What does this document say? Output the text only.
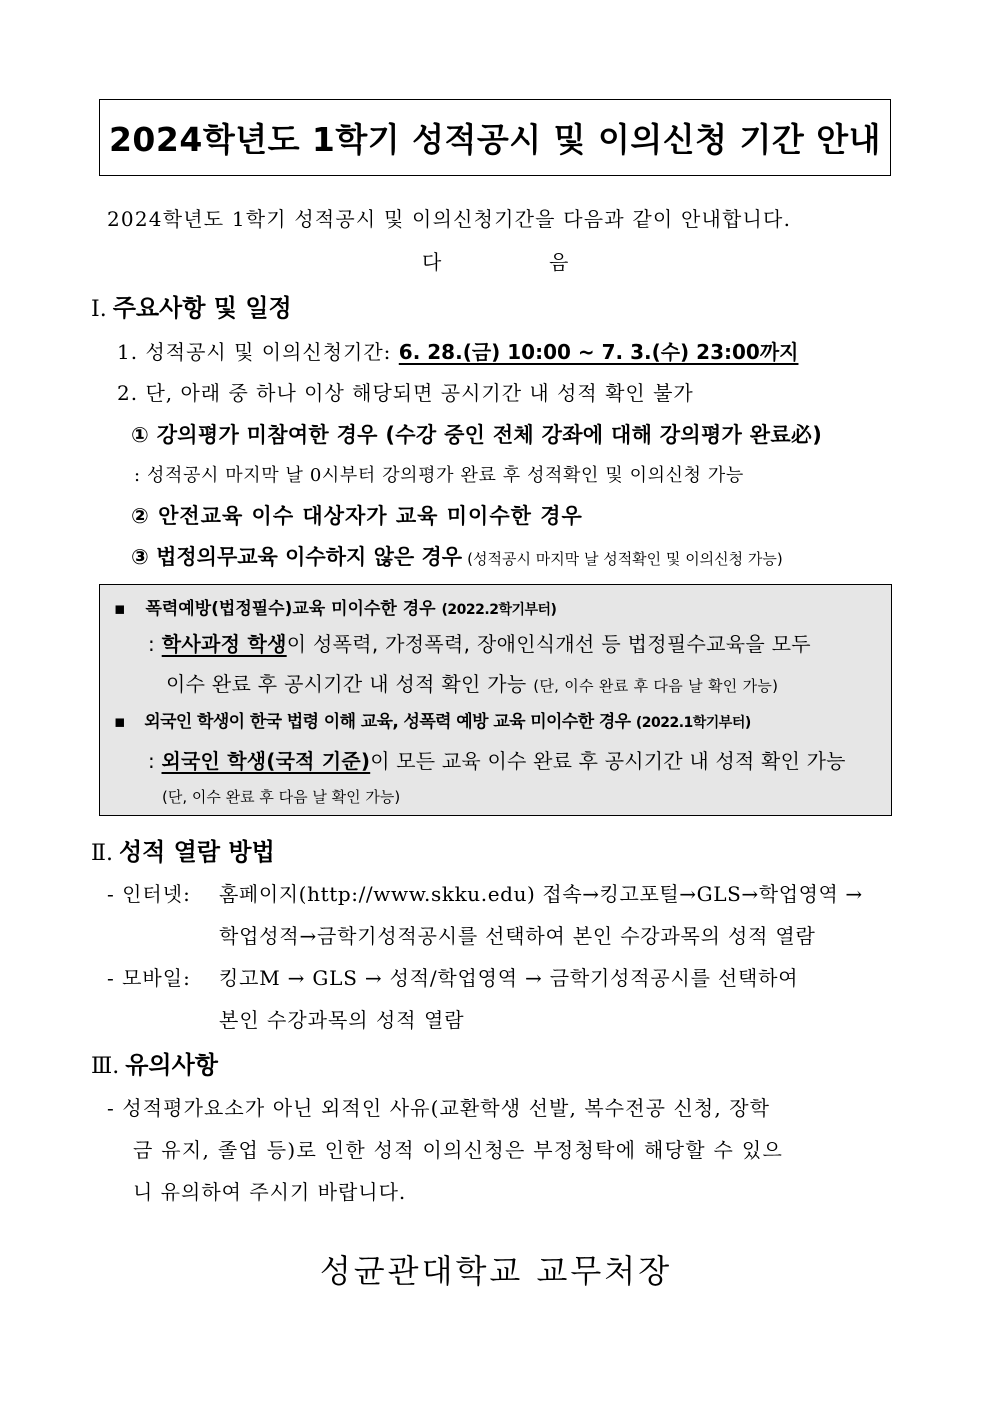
2024학년도 1학기 성적공시 및 이의신청 기간 안내
2024학년도 1학기 성적공시 및 이의신청기간을 다음과 같이 안내합니다.
다	음
Ⅰ. 주요사항 및 일정
1. 성적공시 및 이의신청기간: 6. 28.(금) 10:00 ~ 7. 3.(수) 23:00까지
2. 단, 아래 중 하나 이상 해당되면 공시기간 내 성적 확인 불가
① 강의평가 미참여한 경우 (수강 중인 전체 강좌에 대해 강의평가 완료必)
: 성적공시 마지막 날 0시부터 강의평가 완료 후 성적확인 및 이의신청 가능
② 안전교육 이수 대상자가 교육 미이수한 경우
③ 법정의무교육 이수하지 않은 경우 (성적공시 마지막 날 성적확인 및 이의신청 가능)
▪ 폭력예방(법정필수)교육 미이수한 경우 (2022.2학기부터)
: 학사과정 학생이 성폭력, 가정폭력, 장애인식개선 등 법정필수교육을 모두
이수 완료 후 공시기간 내 성적 확인 가능 (단, 이수 완료 후 다음 날 확인 가능)
▪ 외국인 학생이 한국 법령 이해 교육, 성폭력 예방 교육 미이수한 경우 (2022.1학기부터)
: 외국인 학생(국적 기준)이 모든 교육 이수 완료 후 공시기간 내 성적 확인 가능
(단, 이수 완료 후 다음 날 확인 가능)
Ⅱ. 성적 열람 방법
- 인터넷: 홈페이지(http://www.skku.edu) 접속→킹고포털→GLS→학업영역 →
학업성적→금학기성적공시를 선택하여 본인 수강과목의 성적 열람
- 모바일: 킹고M → GLS → 성적/학업영역 → 금학기성적공시를 선택하여
본인 수강과목의 성적 열람
Ⅲ. 유의사항
- 성적평가요소가 아닌 외적인 사유(교환학생 선발, 복수전공 신청, 장학
금 유지, 졸업 등)로 인한 성적 이의신청은 부정청탁에 해당할 수 있으
니 유의하여 주시기 바랍니다.
성균관대학교 교무처장
